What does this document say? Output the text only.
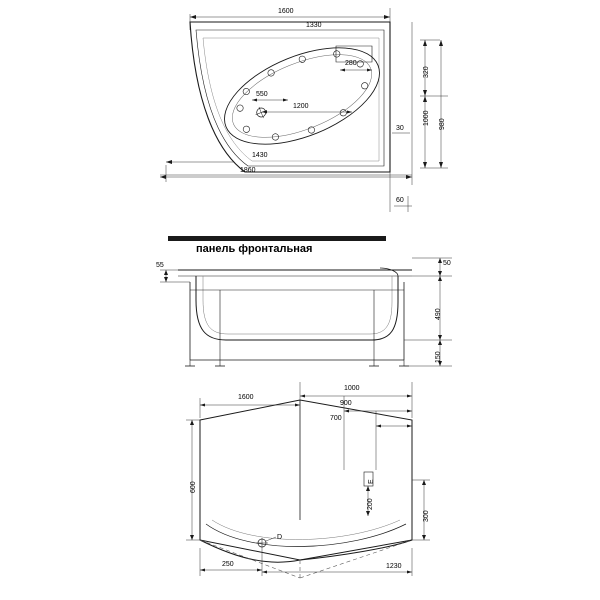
1600
1330
280
550
1200
30
1430
1860
60
320
1000 980
панель фронтальная
55	50
490
150
1600
1000
900
700
600
200
300
250	1230
D
E
